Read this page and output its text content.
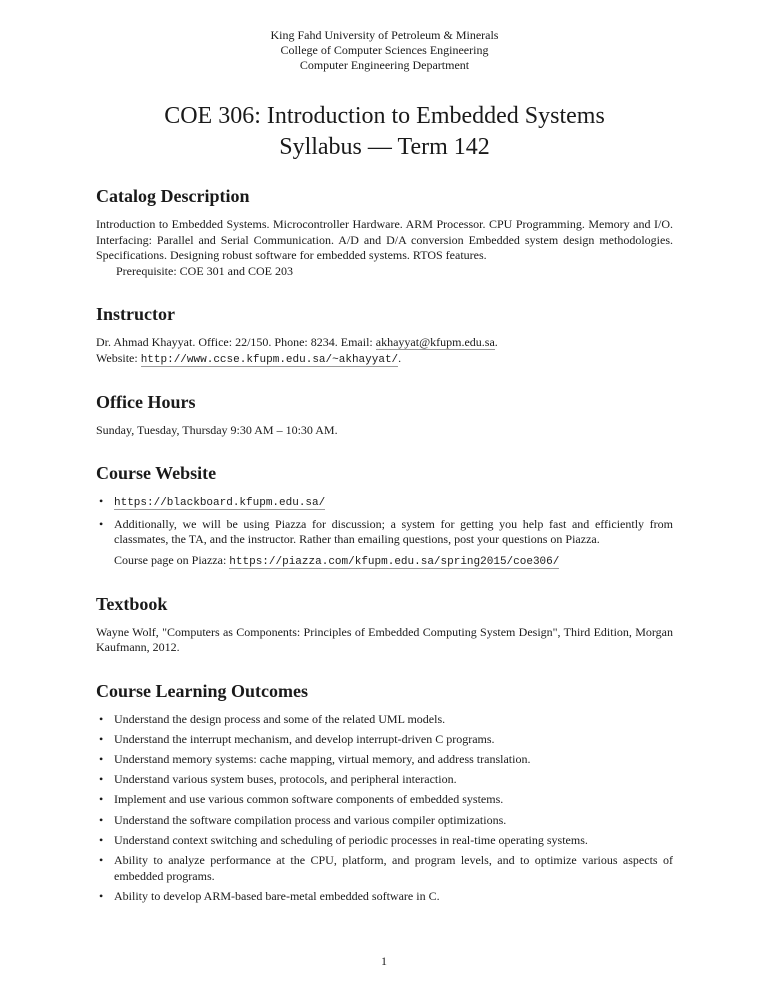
King Fahd University of Petroleum & Minerals
College of Computer Sciences Engineering
Computer Engineering Department
COE 306: Introduction to Embedded Systems
Syllabus — Term 142
Catalog Description

Introduction to Embedded Systems. Microcontroller Hardware. ARM Processor. CPU Programming. Memory and I/O. Interfacing: Parallel and Serial Communication. A/D and D/A conversion Embedded system design methodologies. Specifications. Designing robust software for embedded systems. RTOS features.

Prerequisite: COE 301 and COE 203

Instructor

Dr. Ahmad Khayyat. Office: 22/150. Phone: 8234. Email: akhayyat@kfupm.edu.sa.

Website: http://www.ccse.kfupm.edu.sa/~akhayyat/.

Office Hours

Sunday, Tuesday, Thursday 9:30 AM – 10:30 AM.

Course Website
• https://blackboard.kfupm.edu.sa/
• Additionally, we will be using Piazza for discussion; a system for getting you help fast and efficiently from classmates, the TA, and the instructor. Rather than emailing questions, post your questions on Piazza.
Course page on Piazza: https://piazza.com/kfupm.edu.sa/spring2015/coe306/
Textbook

Wayne Wolf, "Computers as Components: Principles of Embedded Computing System Design", Third Edition, Morgan Kaufmann, 2012.

Course Learning Outcomes
• Understand the design process and some of the related UML models.
• Understand the interrupt mechanism, and develop interrupt-driven C programs.
• Understand memory systems: cache mapping, virtual memory, and address translation.
• Understand various system buses, protocols, and peripheral interaction.
• Implement and use various common software components of embedded systems.
• Understand the software compilation process and various compiler optimizations.
• Understand context switching and scheduling of periodic processes in real-time operating systems.
• Ability to analyze performance at the CPU, platform, and program levels, and to optimize various aspects of embedded programs.
• Ability to develop ARM-based bare-metal embedded software in C.
1
